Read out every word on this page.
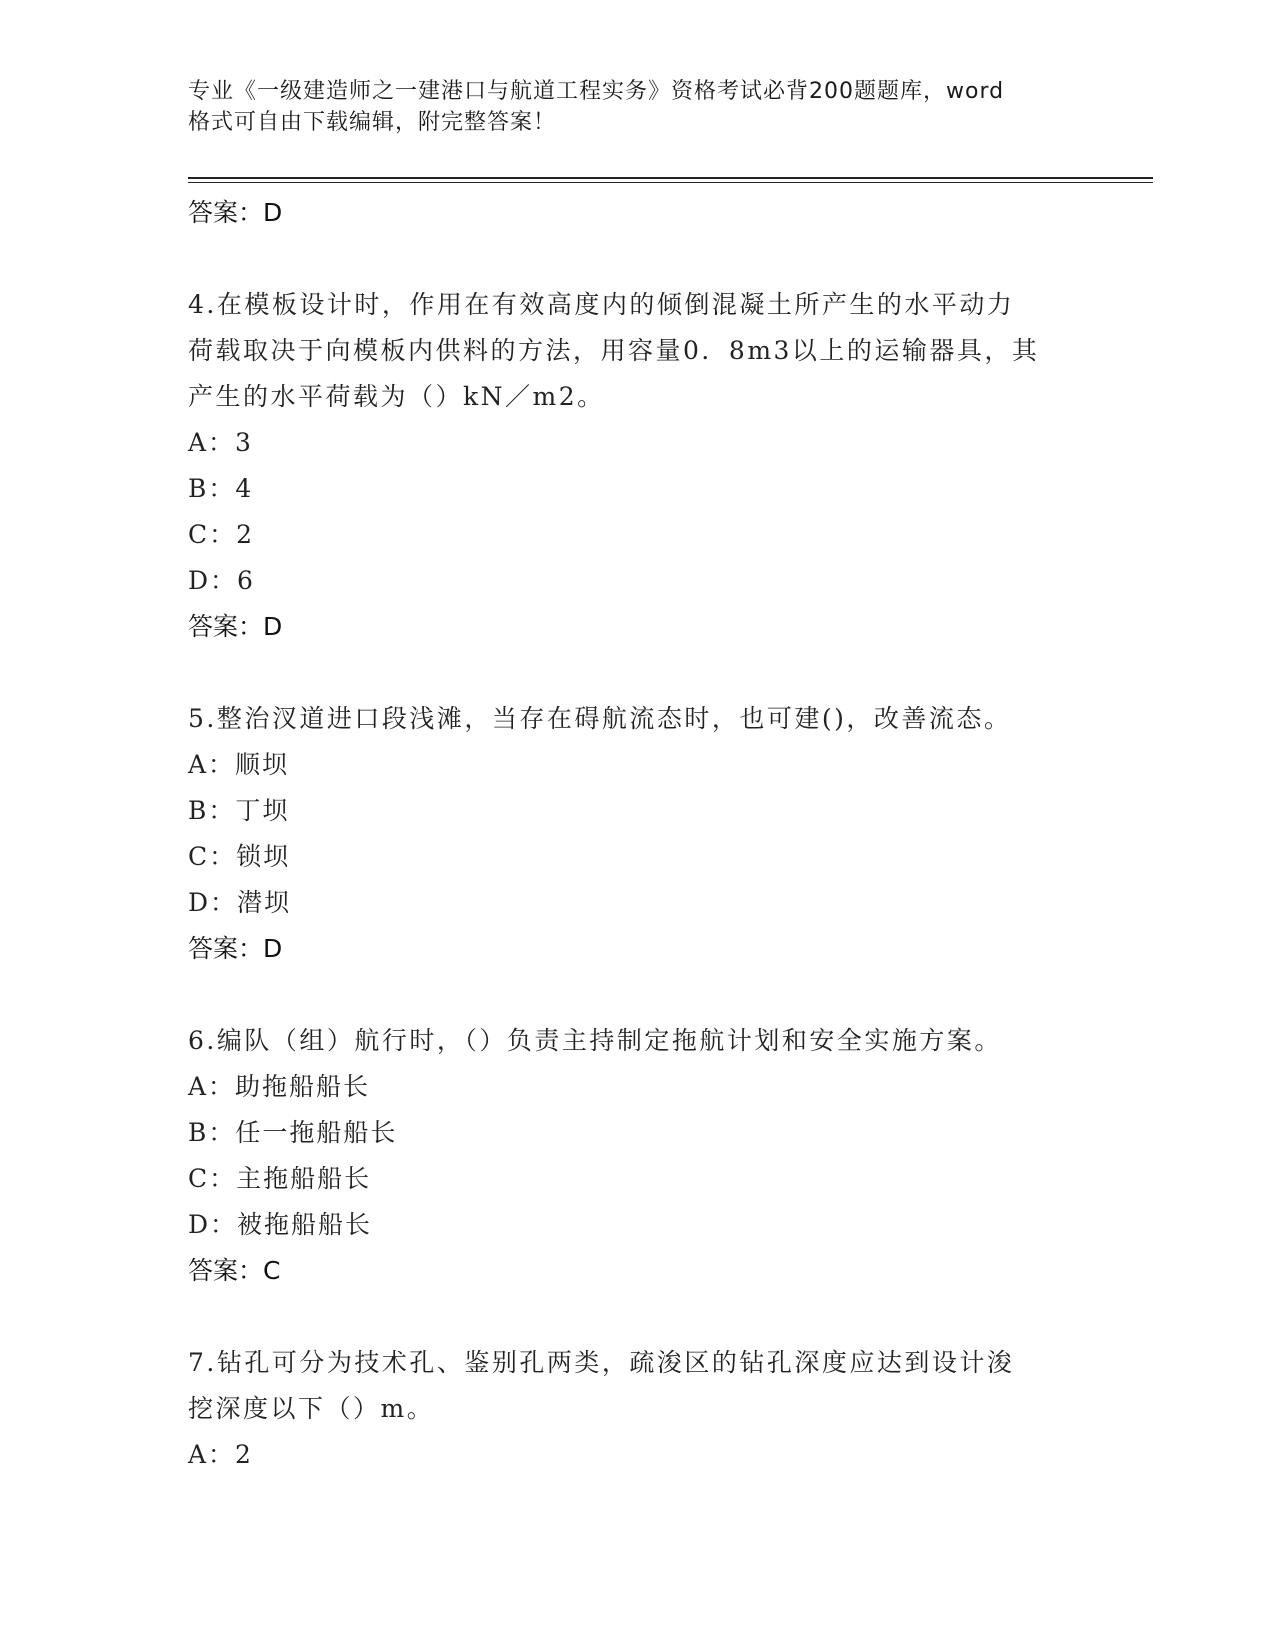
专业《一级建造师之一建港口与航道工程实务》资格考试必背200题题库，word
格式可自由下载编辑，附完整答案！
答案：D
4.在模板设计时，作用在有效高度内的倾倒混凝土所产生的水平动力
荷载取决于向模板内供料的方法，用容量0．8m3以上的运输器具，其
产生的水平荷载为（）kN／m2。
A：3
B：4
C：2
D：6
答案：D
5.整治汊道进口段浅滩，当存在碍航流态时，也可建()，改善流态。
A：顺坝
B：丁坝
C：锁坝
D：潜坝
答案：D
6.编队（组）航行时，（）负责主持制定拖航计划和安全实施方案。
A：助拖船船长
B：任一拖船船长
C：主拖船船长
D：被拖船船长
答案：C
7.钻孔可分为技术孔、鉴别孔两类，疏浚区的钻孔深度应达到设计浚
挖深度以下（）m。
A：2
